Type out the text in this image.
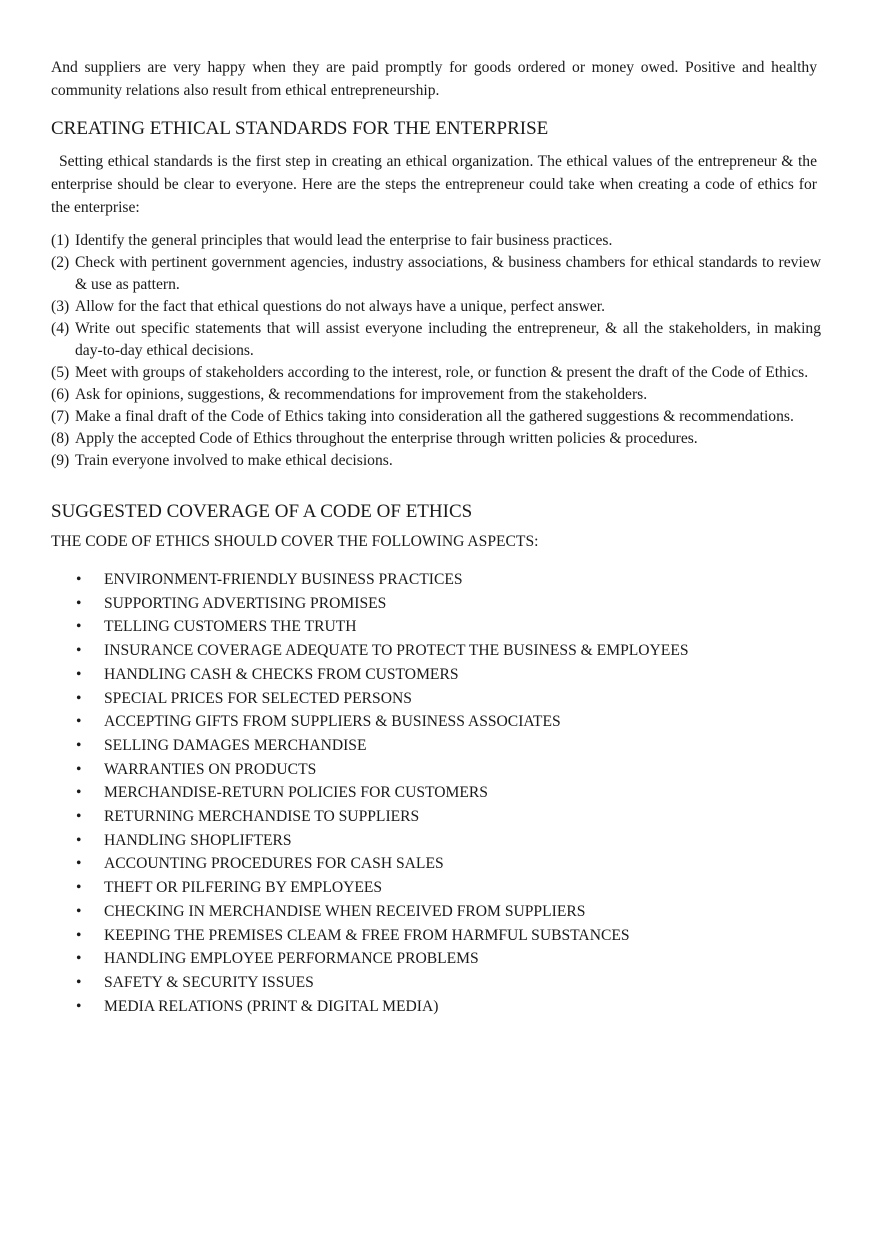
And suppliers are very happy when they are paid promptly for goods ordered or money owed. Positive and healthy community relations also result from ethical entrepreneurship.

CREATING ETHICAL STANDARDS FOR THE ENTERPRISE

Setting ethical standards is the first step in creating an ethical organization. The ethical values of the entrepreneur & the enterprise should be clear to everyone. Here are the steps the entrepreneur could take when creating a code of ethics for the enterprise:

(1) Identify the general principles that would lead the enterprise to fair business practices.
(2) Check with pertinent government agencies, industry associations, & business chambers for ethical standards to review & use as pattern.
(3) Allow for the fact that ethical questions do not always have a unique, perfect answer.
(4) Write out specific statements that will assist everyone including the entrepreneur, & all the stakeholders, in making day-to-day ethical decisions.
(5) Meet with groups of stakeholders according to the interest, role, or function & present the draft of the Code of Ethics.
(6) Ask for opinions, suggestions, & recommendations for improvement from the stakeholders.
(7) Make a final draft of the Code of Ethics taking into consideration all the gathered suggestions & recommendations.
(8) Apply the accepted Code of Ethics throughout the enterprise through written policies & procedures.
(9) Train everyone involved to make ethical decisions.
SUGGESTED COVERAGE OF A CODE OF ETHICS
THE CODE OF ETHICS SHOULD COVER THE FOLLOWING ASPECTS:
• ENVIRONMENT-FRIENDLY BUSINESS PRACTICES
• SUPPORTING ADVERTISING PROMISES
• TELLING CUSTOMERS THE TRUTH
• INSURANCE COVERAGE ADEQUATE TO PROTECT THE BUSINESS & EMPLOYEES
• HANDLING CASH & CHECKS FROM CUSTOMERS
• SPECIAL PRICES FOR SELECTED PERSONS
• ACCEPTING GIFTS FROM SUPPLIERS & BUSINESS ASSOCIATES
• SELLING DAMAGES MERCHANDISE
• WARRANTIES ON PRODUCTS
• MERCHANDISE-RETURN POLICIES FOR CUSTOMERS
• RETURNING MERCHANDISE TO SUPPLIERS
• HANDLING SHOPLIFTERS
• ACCOUNTING PROCEDURES FOR CASH SALES
• THEFT OR PILFERING BY EMPLOYEES
• CHECKING IN MERCHANDISE WHEN RECEIVED FROM SUPPLIERS
• KEEPING THE PREMISES CLEAM & FREE FROM HARMFUL SUBSTANCES
• HANDLING EMPLOYEE PERFORMANCE PROBLEMS
• SAFETY & SECURITY ISSUES
• MEDIA RELATIONS (PRINT & DIGITAL MEDIA)
